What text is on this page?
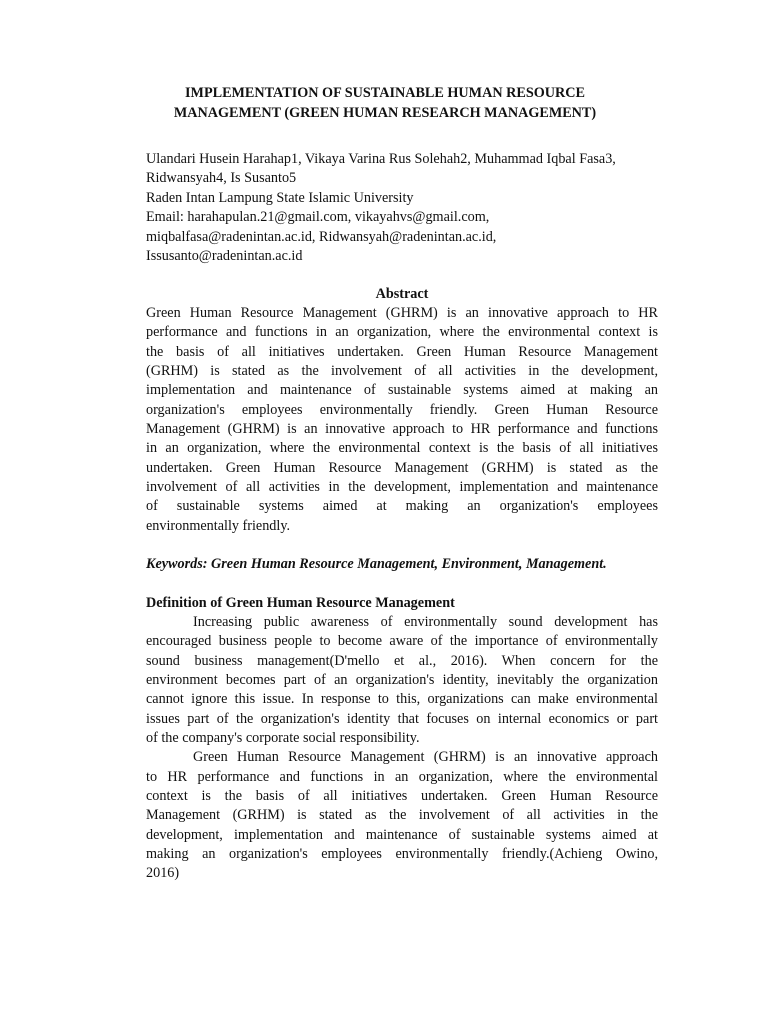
IMPLEMENTATION OF SUSTAINABLE HUMAN RESOURCE
MANAGEMENT (GREEN HUMAN RESEARCH MANAGEMENT)
Ulandari Husein Harahap1, Vikaya Varina Rus Solehah2, Muhammad Iqbal Fasa3,
Ridwansyah4, Is Susanto5
Raden Intan Lampung State Islamic University
Email: harahapulan.21@gmail.com, vikayahvs@gmail.com,
miqbalfasa@radenintan.ac.id, Ridwansyah@radenintan.ac.id,
Issusanto@radenintan.ac.id
Abstract
Green Human Resource Management (GHRM) is an innovative approach to HR
performance and functions in an organization, where the environmental context is
the basis of all initiatives undertaken. Green Human Resource Management
(GRHM) is stated as the involvement of all activities in the development,
implementation and maintenance of sustainable systems aimed at making an
organization's employees environmentally friendly. Green Human Resource
Management (GHRM) is an innovative approach to HR performance and functions
in an organization, where the environmental context is the basis of all initiatives
undertaken. Green Human Resource Management (GRHM) is stated as the
involvement of all activities in the development, implementation and maintenance
of sustainable systems aimed at making an organization's employees
environmentally friendly.
Keywords: Green Human Resource Management, Environment, Management.
Definition of Green Human Resource Management
Increasing public awareness of environmentally sound development has
encouraged business people to become aware of the importance of environmentally
sound business management(D'mello et al., 2016). When concern for the
environment becomes part of an organization's identity, inevitably the organization
cannot ignore this issue. In response to this, organizations can make environmental
issues part of the organization's identity that focuses on internal economics or part
of the company's corporate social responsibility.
Green Human Resource Management (GHRM) is an innovative approach
to HR performance and functions in an organization, where the environmental
context is the basis of all initiatives undertaken. Green Human Resource
Management (GRHM) is stated as the involvement of all activities in the
development, implementation and maintenance of sustainable systems aimed at
making an organization's employees environmentally friendly.(Achieng Owino,
2016)
